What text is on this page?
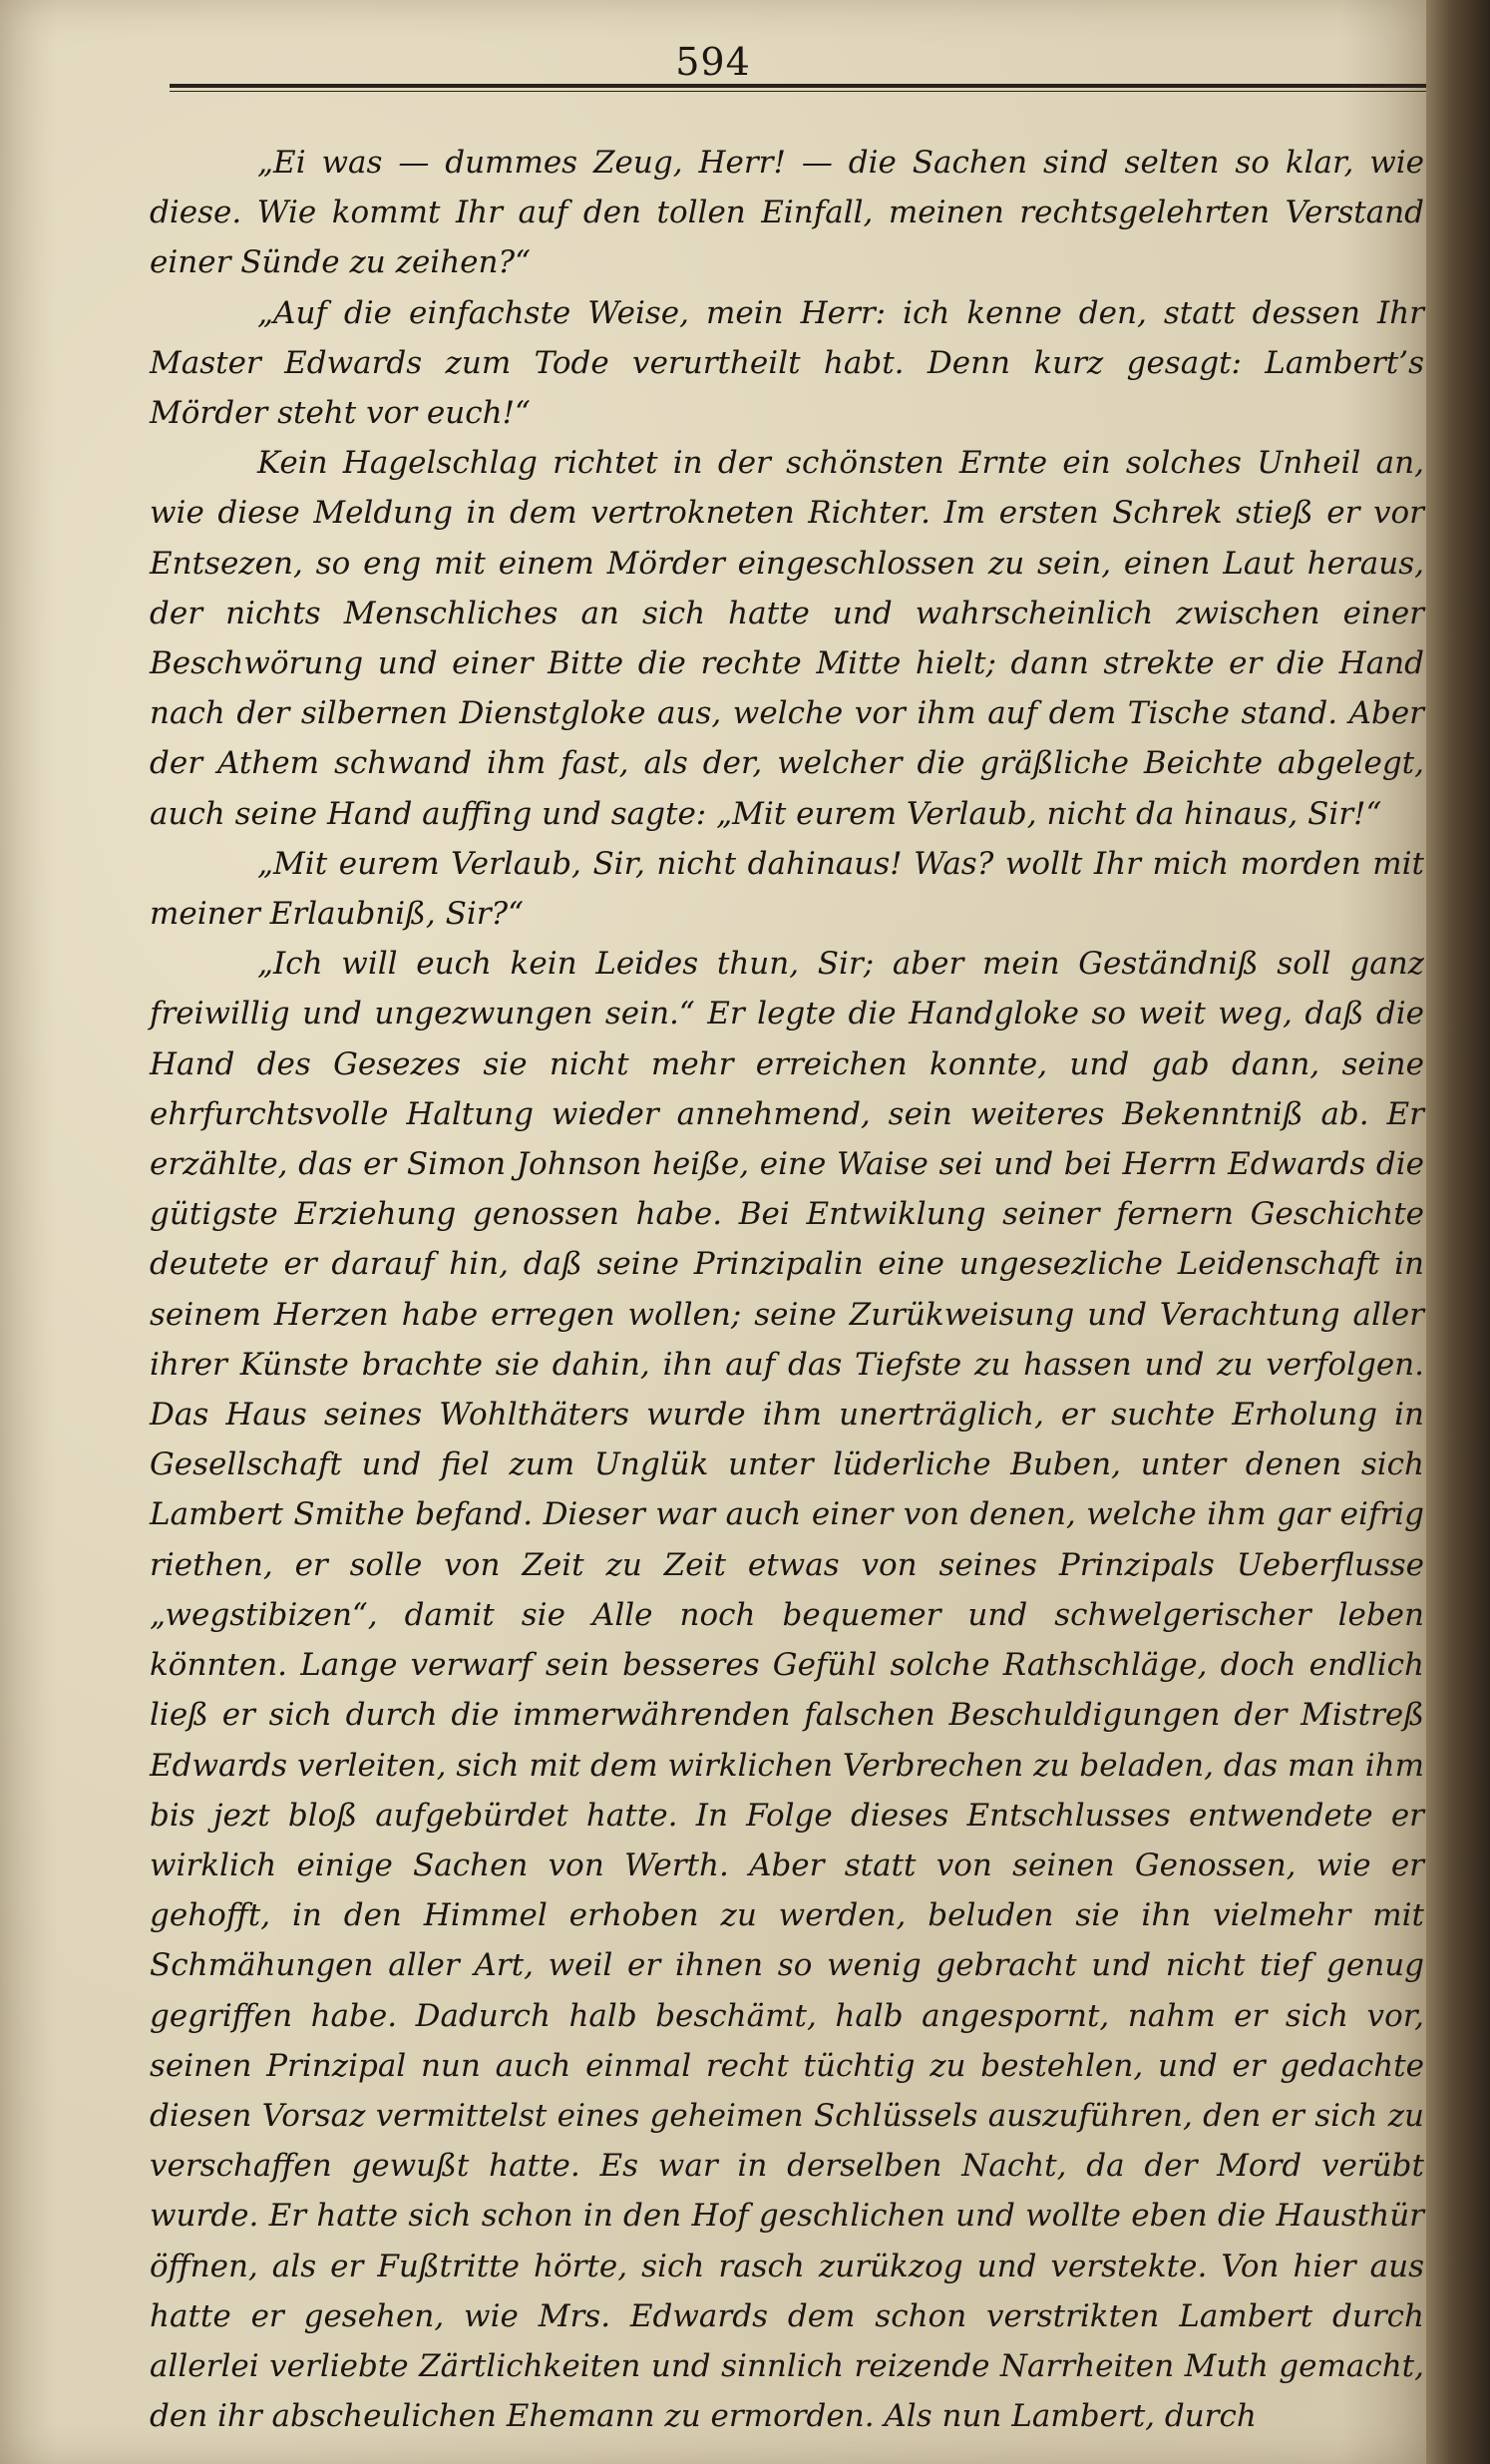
594

„Ei was — dummes Zeug, Herr! — die Sachen sind selten so klar, wie diese. Wie kommt Ihr auf den tollen Einfall, meinen rechtsgelehrten Verstand einer Sünde zu zeihen?“

„Auf die einfachste Weise, mein Herr: ich kenne den, statt dessen Ihr Master Edwards zum Tode verurtheilt habt. Denn kurz gesagt: Lambert’s Mörder steht vor euch!“

Kein Hagelschlag richtet in der schönsten Ernte ein solches Unheil an, wie diese Meldung in dem vertrokneten Richter. Im ersten Schrek stieß er vor Entsezen, so eng mit einem Mörder eingeschlossen zu sein, einen Laut heraus, der nichts Menschliches an sich hatte und wahrscheinlich zwischen einer Beschwörung und einer Bitte die rechte Mitte hielt; dann strekte er die Hand nach der silbernen Dienstgloke aus, welche vor ihm auf dem Tische stand. Aber der Athem schwand ihm fast, als der, welcher die gräßliche Beichte abgelegt, auch seine Hand auffing und sagte: „Mit eurem Verlaub, nicht da hinaus, Sir!“

„Mit eurem Verlaub, Sir, nicht dahinaus! Was? wollt Ihr mich morden mit meiner Erlaubniß, Sir?“

„Ich will euch kein Leides thun, Sir; aber mein Geständniß soll ganz freiwillig und ungezwungen sein.“ Er legte die Handgloke so weit weg, daß die Hand des Gesezes sie nicht mehr erreichen konnte, und gab dann, seine ehrfurchtsvolle Haltung wieder annehmend, sein weiteres Bekenntniß ab. Er erzählte, das er Simon Johnson heiße, eine Waise sei und bei Herrn Edwards die gütigste Erziehung genossen habe. Bei Entwiklung seiner fernern Geschichte deutete er darauf hin, daß seine Prinzipalin eine ungesezliche Leidenschaft in seinem Herzen habe erregen wollen; seine Zurükweisung und Verachtung aller ihrer Künste brachte sie dahin, ihn auf das Tiefste zu hassen und zu verfolgen. Das Haus seines Wohlthäters wurde ihm unerträglich, er suchte Erholung in Gesellschaft und fiel zum Unglük unter lüderliche Buben, unter denen sich Lambert Smithe befand. Dieser war auch einer von denen, welche ihm gar eifrig riethen, er solle von Zeit zu Zeit etwas von seines Prinzipals Ueberflusse „wegstibizen“, damit sie Alle noch bequemer und schwelgerischer leben könnten. Lange verwarf sein besseres Gefühl solche Rathschläge, doch endlich ließ er sich durch die immerwährenden falschen Beschuldigungen der Mistreß Edwards verleiten, sich mit dem wirklichen Verbrechen zu beladen, das man ihm bis jezt bloß aufgebürdet hatte. In Folge dieses Entschlusses entwendete er wirklich einige Sachen von Werth. Aber statt von seinen Genossen, wie er gehofft, in den Himmel erhoben zu werden, beluden sie ihn vielmehr mit Schmähungen aller Art, weil er ihnen so wenig gebracht und nicht tief genug gegriffen habe. Dadurch halb beschämt, halb angespornt, nahm er sich vor, seinen Prinzipal nun auch einmal recht tüchtig zu bestehlen, und er gedachte diesen Vorsaz vermittelst eines geheimen Schlüssels auszuführen, den er sich zu verschaffen gewußt hatte. Es war in derselben Nacht, da der Mord verübt wurde. Er hatte sich schon in den Hof geschlichen und wollte eben die Hausthür öffnen, als er Fußtritte hörte, sich rasch zurükzog und verstekte. Von hier aus hatte er gesehen, wie Mrs. Edwards dem schon verstrikten Lambert durch allerlei verliebte Zärtlichkeiten und sinnlich reizende Narrheiten Muth gemacht, den ihr abscheulichen Ehemann zu ermorden. Als nun Lambert, durch
